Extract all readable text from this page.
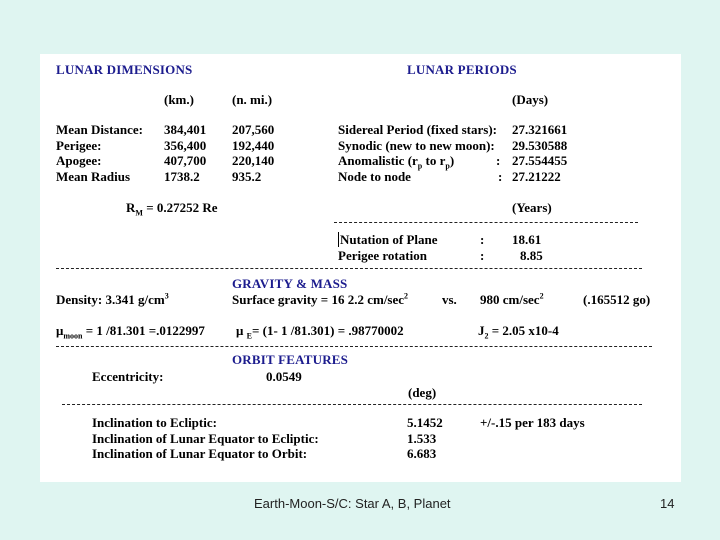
LUNAR DIMENSIONS
(km.)	(n. mi.)
Mean Distance: 384,401 207,560
Perigee:	356,400 192,440
Apogee:	407,700 220,140
Mean Radius	1738.2 935.2
$R_M = 0.27252$ Re
LUNAR PERIODS
(Days)
Sidereal Period (fixed stars): 27.321661
Synodic (new to new moon): 29.530588
Anomalistic ($r_p$ to $r_p$)	: 27.554455
Node to node	: 27.21222
(Years)
Nutation of Plane	: 18.61
Perigee rotation	:	8.85
GRAVITY & MASS
Density: 3.341 $g/cm^3$	Surface gravity = 16 2.2 $cm/\sec^2$	vs. 980 $cm/\sec^2$	(.165512 go)
$\mu_{moon} = 1$ /81.301 =.0122997 μ $_E$= (1- 1 /81.301) = .98770002	$J_2 = 2.05$ x10-4
ORBIT FEATURES
Eccentricity:	0.0549
(deg)
Inclination to Ecliptic:	5.1452	+/-.15 per 183 days
Inclination of Lunar Equator to Ecliptic:	1.533
Inclination of Lunar Equator to Orbit:	6.683
Earth-Moon-S/C: Star A, B, Planet	14
